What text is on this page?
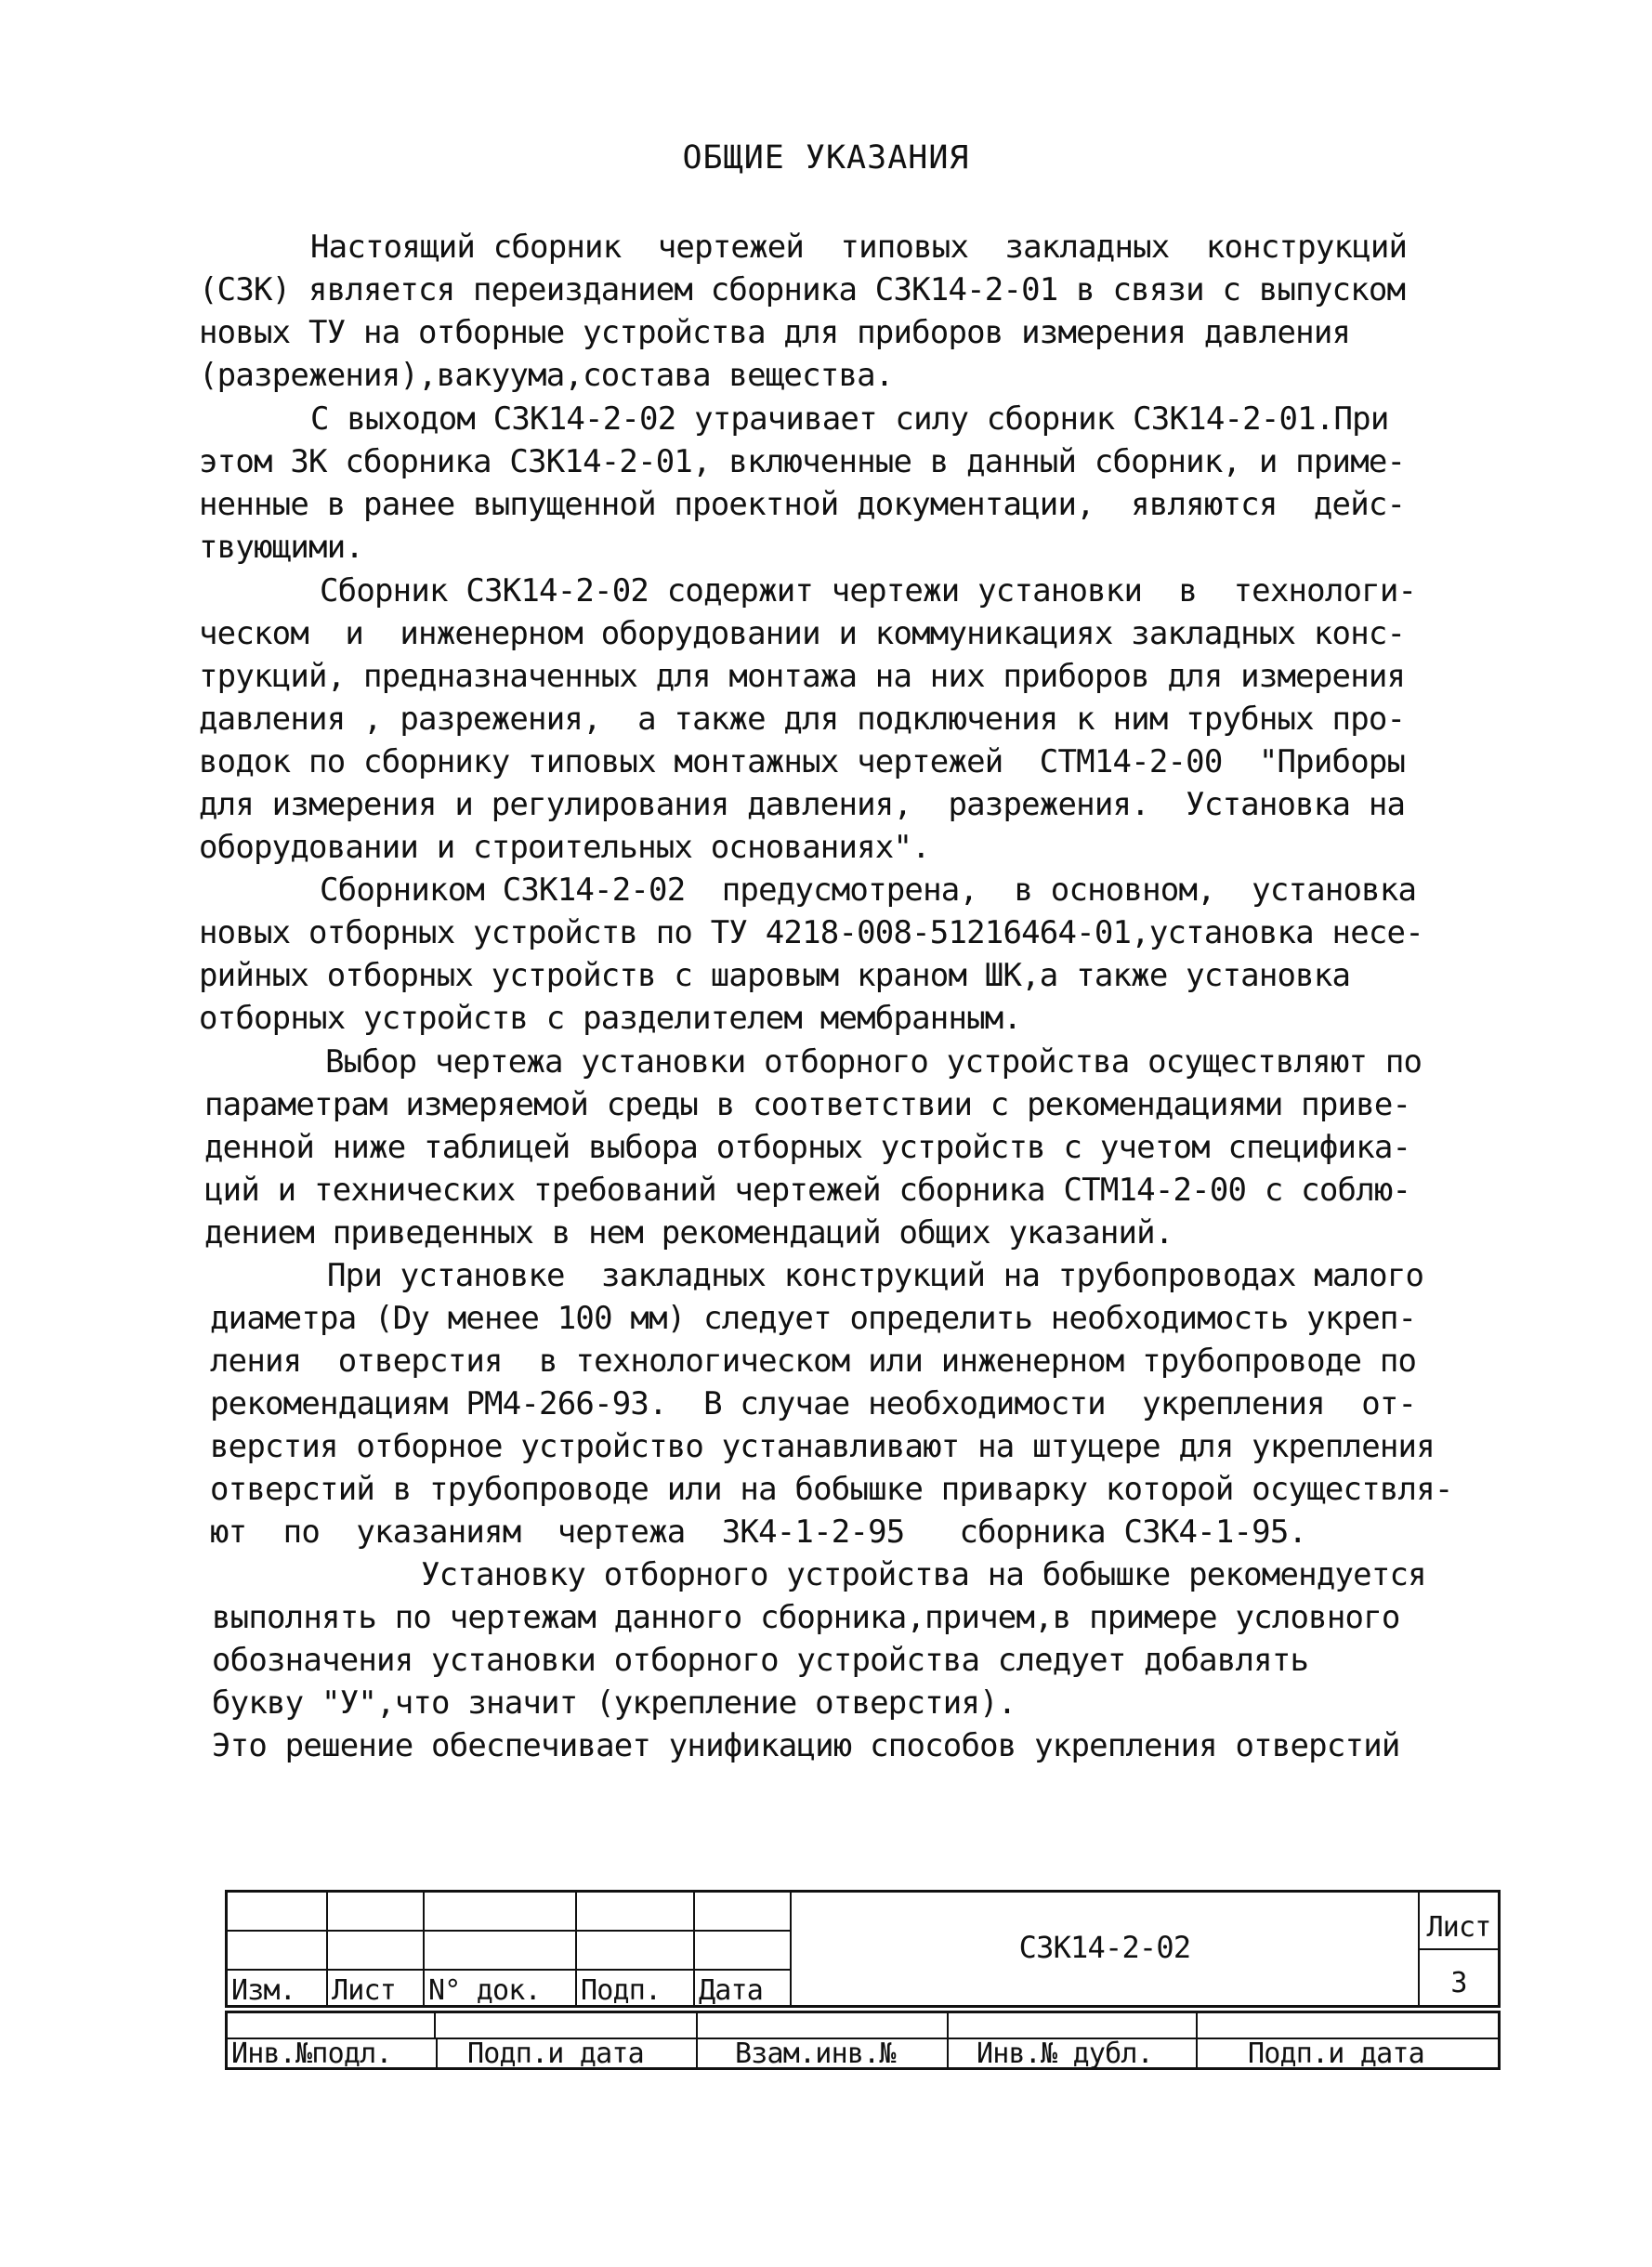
ОБЩИЕ УКАЗАНИЯ
Настоящий сборник  чертежей  типовых  закладных  конструкций
(СЗК) является переизданием сборника СЗК14-2-01 в связи с выпуском
новых ТУ на отборные устройства для приборов измерения давления
(разрежения),вакуума,состава вещества.
С выходом СЗК14-2-02 утрачивает силу сборник СЗК14-2-01.При
этом ЗК сборника СЗК14-2-01, включенные в данный сборник, и приме-
ненные в ранее выпущенной проектной документации,  являются  дейс-
твующими.
Сборник СЗК14-2-02 содержит чертежи установки  в  технологи-
ческом  и  инженерном оборудовании и коммуникациях закладных конс-
трукций, предназначенных для монтажа на них приборов для измерения
давления , разрежения,  а также для подключения к ним трубных про-
водок по сборнику типовых монтажных чертежей  СТМ14-2-00  "Приборы
для измерения и регулирования давления,  разрежения.  Установка на
оборудовании и строительных основаниях".
Сборником СЗК14-2-02  предусмотрена,  в основном,  установка
новых отборных устройств по ТУ 4218-008-51216464-01,установка несе-
рийных отборных устройств с шаровым краном ШК,а также установка
отборных устройств с разделителем мембранным.
Выбор чертежа установки отборного устройства осуществляют по
параметрам измеряемой среды в соответствии с рекомендациями приве-
денной ниже таблицей выбора отборных устройств с учетом специфика-
ций и технических требований чертежей сборника СТМ14-2-00 с соблю-
дением приведенных в нем рекомендаций общих указаний.
При установке  закладных конструкций на трубопроводах малого
диаметра (Dy менее 100 мм) следует определить необходимость укреп-
ления  отверстия  в технологическом или инженерном трубопроводе по
рекомендациям РМ4-266-93.  В случае необходимости  укрепления  от-
верстия отборное устройство устанавливают на штуцере для укрепления
отверстий в трубопроводе или на бобышке приварку которой осуществля-
ют  по  указаниям  чертежа  ЗК4-1-2-95   сборника СЗК4-1-95.
Установку отборного устройства на бобышке рекомендуется
выполнять по чертежам данного сборника,причем,в примере условного
обозначения установки отборного устройства следует добавлять
букву "У",что значит (укрепление отверстия).
Это решение обеспечивает унификацию способов укрепления отверстий
Изм. Лист N° док. Подп. Дата
СЗК14-2-02
Лист
3
Инв.№подл.	Подп.и дата	Взам.инв.№	Инв.№ дубл.	Подп.и дата
